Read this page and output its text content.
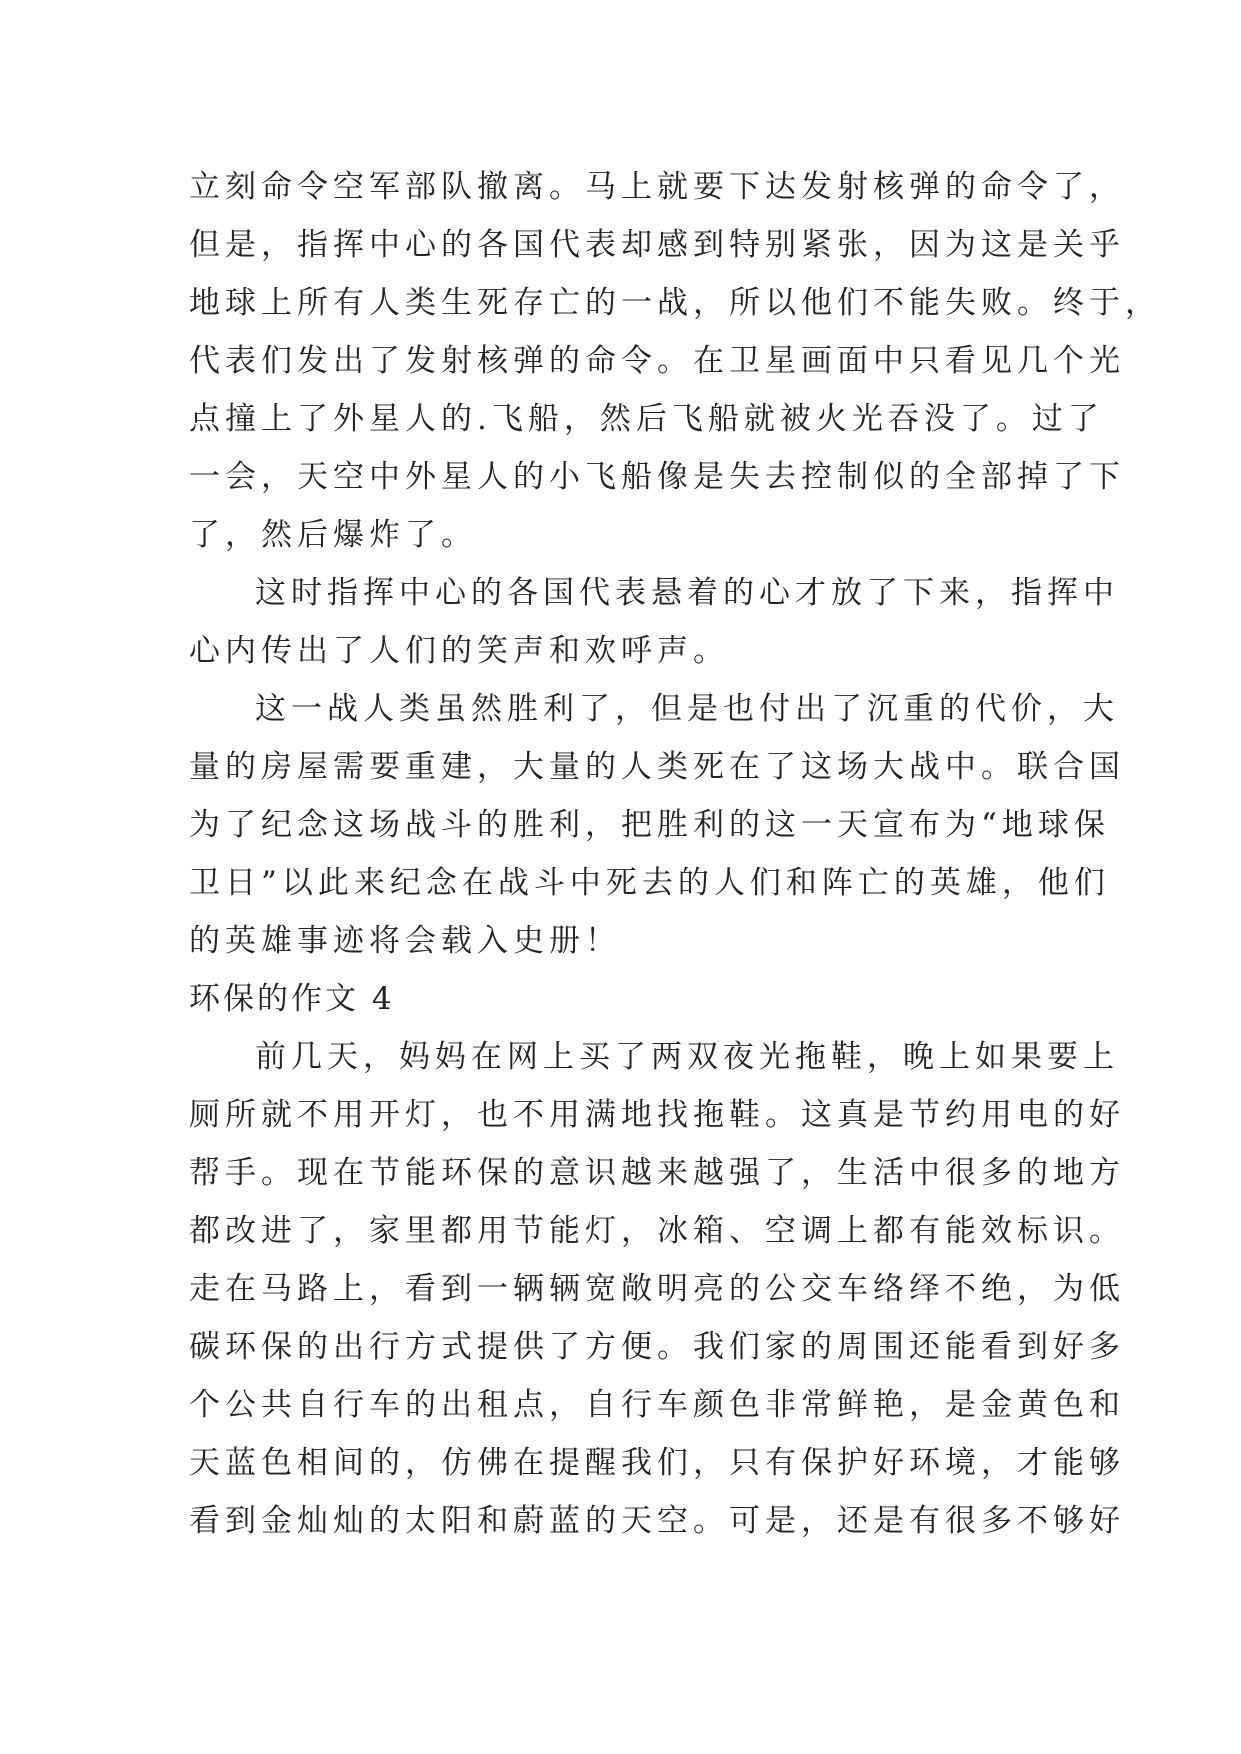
立刻命令空军部队撤离。马上就要下达发射核弹的命令了，
但是，指挥中心的各国代表却感到特别紧张，因为这是关乎
地球上所有人类生死存亡的一战，所以他们不能失败。终于，
代表们发出了发射核弹的命令。在卫星画面中只看见几个光
点撞上了外星人的.飞船，然后飞船就被火光吞没了。过了
一会，天空中外星人的小飞船像是失去控制似的全部掉了下
了，然后爆炸了。
这时指挥中心的各国代表悬着的心才放了下来，指挥中
心内传出了人们的笑声和欢呼声。
这一战人类虽然胜利了，但是也付出了沉重的代价，大
量的房屋需要重建，大量的人类死在了这场大战中。联合国
为了纪念这场战斗的胜利，把胜利的这一天宣布为“地球保
卫日”以此来纪念在战斗中死去的人们和阵亡的英雄，他们
的英雄事迹将会载入史册！
环保的作文 4
前几天，妈妈在网上买了两双夜光拖鞋，晚上如果要上
厕所就不用开灯，也不用满地找拖鞋。这真是节约用电的好
帮手。现在节能环保的意识越来越强了，生活中很多的地方
都改进了，家里都用节能灯，冰箱、空调上都有能效标识。
走在马路上，看到一辆辆宽敞明亮的公交车络绎不绝，为低
碳环保的出行方式提供了方便。我们家的周围还能看到好多
个公共自行车的出租点，自行车颜色非常鲜艳，是金黄色和
天蓝色相间的，仿佛在提醒我们，只有保护好环境，才能够
看到金灿灿的太阳和蔚蓝的天空。可是，还是有很多不够好
